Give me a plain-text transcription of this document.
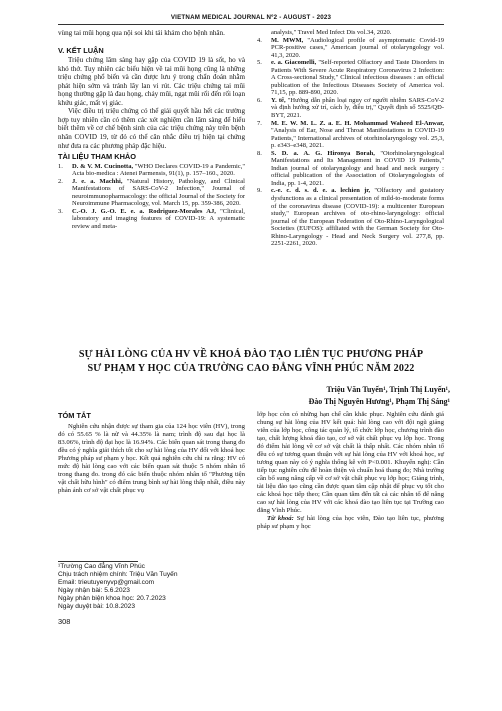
VIETNAM MEDICAL JOURNAL Nº2 - AUGUST - 2023

vùng tai mũi họng qua nội soi khi tái khám cho bệnh nhân.

V. KẾT LUẬN

Triệu chứng lâm sàng hay gặp của COVID 19 là sốt, ho và khó thở. Tuy nhiên các biểu hiện về tai mũi họng cũng là những triệu chứng phổ biến và cần được lưu ý trong chẩn đoán nhằm phát hiện sớm và tránh lây lan vi rút. Các triệu chứng tai mũi họng thường gặp là đau họng, chảy mũi, ngạt mũi rối đến rối loạn khứu giác, mất vị giác.

Việc điều trị triệu chứng có thể giải quyết hầu hết các trường hợp tuy nhiên cần có thêm các xét nghiệm cần lâm sàng để hiểu biết thêm về cơ chế bệnh sinh của các triệu chứng này trên bệnh nhân COVID 19, từ đó có thể cân nhắc điều trị hiện tại chứng như đưa ra các phương pháp đặc hiệu.

TÀI LIỆU THAM KHẢO
1.	D. & V. M. Cucinotta, "WHO Declares COVID-19 a Pandemic," Acta bio-medica : Atenei Parmensis, 91(1), p. 157–160., 2020.
2.	J. e. a. Machhi, "Natural History, Pathology, and Clinical Manifestations of SARS-CoV-2 Infection," Journal of neuroimmunopharmacology: the official Journal of the Society for Neuroimmune Pharmacology, vol. March 15, pp. 359-386, 2020.
3.	C.-O. J. G.-O. E. e. a. Rodriguez-Morales AJ, "Clinical, laboratory and imaging features of COVID-19: A systematic review and meta-
analysis," Travel Med Infect Dis vol.34, 2020.
4.	M. MWM, "Audiological profile of asymptomatic Covid-19 PCR-positive cases," American journal of otolaryngology vol. 41,3, 2020.
5.	e. a. Giacomelli, "Self-reported Olfactory and Taste Disorders in Patients With Severe Acute Respiratory Coronavirus 2 Infection: A Cross-sectional Study," Clinical infectious diseases : an official publication of the Infectious Diseases Society of America vol. 71,15, pp. 889-890, 2020.
6.	Y. tế, "Hướng dẫn phân loại nguy cơ người nhiễm SARS-CoV-2 và định hướng xử trí, cách ly, điều trị," Quyết định số 5525/QĐ-BYT, 2021.
7.	M. E. W. M. L. Z. a. E. H. Mohammad Waheed El-Anwar, "Analysis of Ear, Nose and Throat Manifestations in COVID-19 Patients," International archives of otorhinolaryngology vol. 25,3, p. e343–e348, 2021.
8.	S. D. a. A. G. Hironya Borah, "Otorhinolaryngological Manifestations and Its Management in COVID 19 Patients," Indian journal of otolaryngology and head and neck surgery : official publication of the Association of Otolaryngologists of India, pp. 1-4, 2021.
9.	c.-e. c. d. s. d. e. a. lechien jr, "Olfactory and gustatory dysfunctions as a clinical presentation of mild-to-moderate forms of the coronavirus disease (COVID-19): a multicenter European study," European archives of oto-rhino-laryngology: official journal of the European Federation of Oto-Rhino-Laryngological Societies (EUFOS): affiliated with the German Society for Oto-Rhino-Laryngology - Head and Neck Surgery vol. 277,8, pp. 2251-2261, 2020.
SỰ HÀI LÒNG CỦA HV VỀ KHOÁ ĐÀO TẠO LIÊN TỤC PHƯƠNG PHÁP
SƯ PHẠM Y HỌC CỦA TRƯỜNG CAO ĐẲNG VĨNH PHÚC NĂM 2022
Triệu Văn Tuyến¹, Trịnh Thị Luyến¹,
Đào Thị Nguyên Hương¹, Phạm Thị Sáng¹
TÓM TẮT

Nghiên cứu nhận được sự tham gia của 124 học viên (HV), trong đó có 55.65 % là nữ và 44.35% là nam; trình độ sau đại học là 83.06%, trình độ đại học là 16.94%. Các biến quan sát trong thang đo đều có ý nghĩa giải thích tốt cho sự hài lòng của HV đối với khoá học Phương pháp sư phạm y học. Kết quả nghiên cứu chỉ ra rằng: HV có mức độ hài lòng cao với các biến quan sát thuộc 5 nhóm nhân tố trong thang đo. trong đó các biến thuộc nhóm nhân tố "Phương tiện vật chất hữu hình" có điểm trung bình sự hài lòng thấp nhất, điều này phản ánh cơ sở vật chất phục vụ

¹Trường Cao đẳng Vĩnh Phúc
Chịu trách nhiệm chính: Triệu Văn Tuyến
Email: trieutuyenyvp@gmail.com
Ngày nhận bài: 5.6.2023
Ngày phản biện khoa học: 20.7.2023
Ngày duyệt bài: 10.8.2023

lớp học còn có những hạn chế cần khắc phục. Nghiên cứu đánh giá chung sự hài lòng của HV kết quả: hài lòng cao với đội ngũ giảng viên của lớp học, công tác quản lý, tổ chức lớp học, chương trình đào tạo, chất lượng khoá đào tạo, cơ sở vật chất phục vụ lớp học. Trong đó điểm hài lòng về cơ sở vật chất là thấp nhất. Các nhóm nhân tố đều có sự tương quan thuận với sự hài lòng của HV với khoá học, sự tương quan này có ý nghĩa thống kê với P<0.001. Khuyến nghị: Cần tiếp tục nghiên cứu để hoàn thiện và chuẩn hoá thang đo; Nhà trường cần bổ sung nâng cấp về cơ sở vật chất phục vụ lớp học; Giảng trình, tài liệu đào tạo cũng cần được quan tâm cập nhật để phục vụ tốt cho các khoá học tiếp theo; Cần quan tâm đến tất cả các nhân tố để nâng cao sự hài lòng của HV với các khoá đào tạo liên tục tại Trường cao đẳng Vĩnh Phúc.

Từ khoá: Sự hài lòng của học viên, Đào tạo liên tục, phương pháp sư phạm y học

308
